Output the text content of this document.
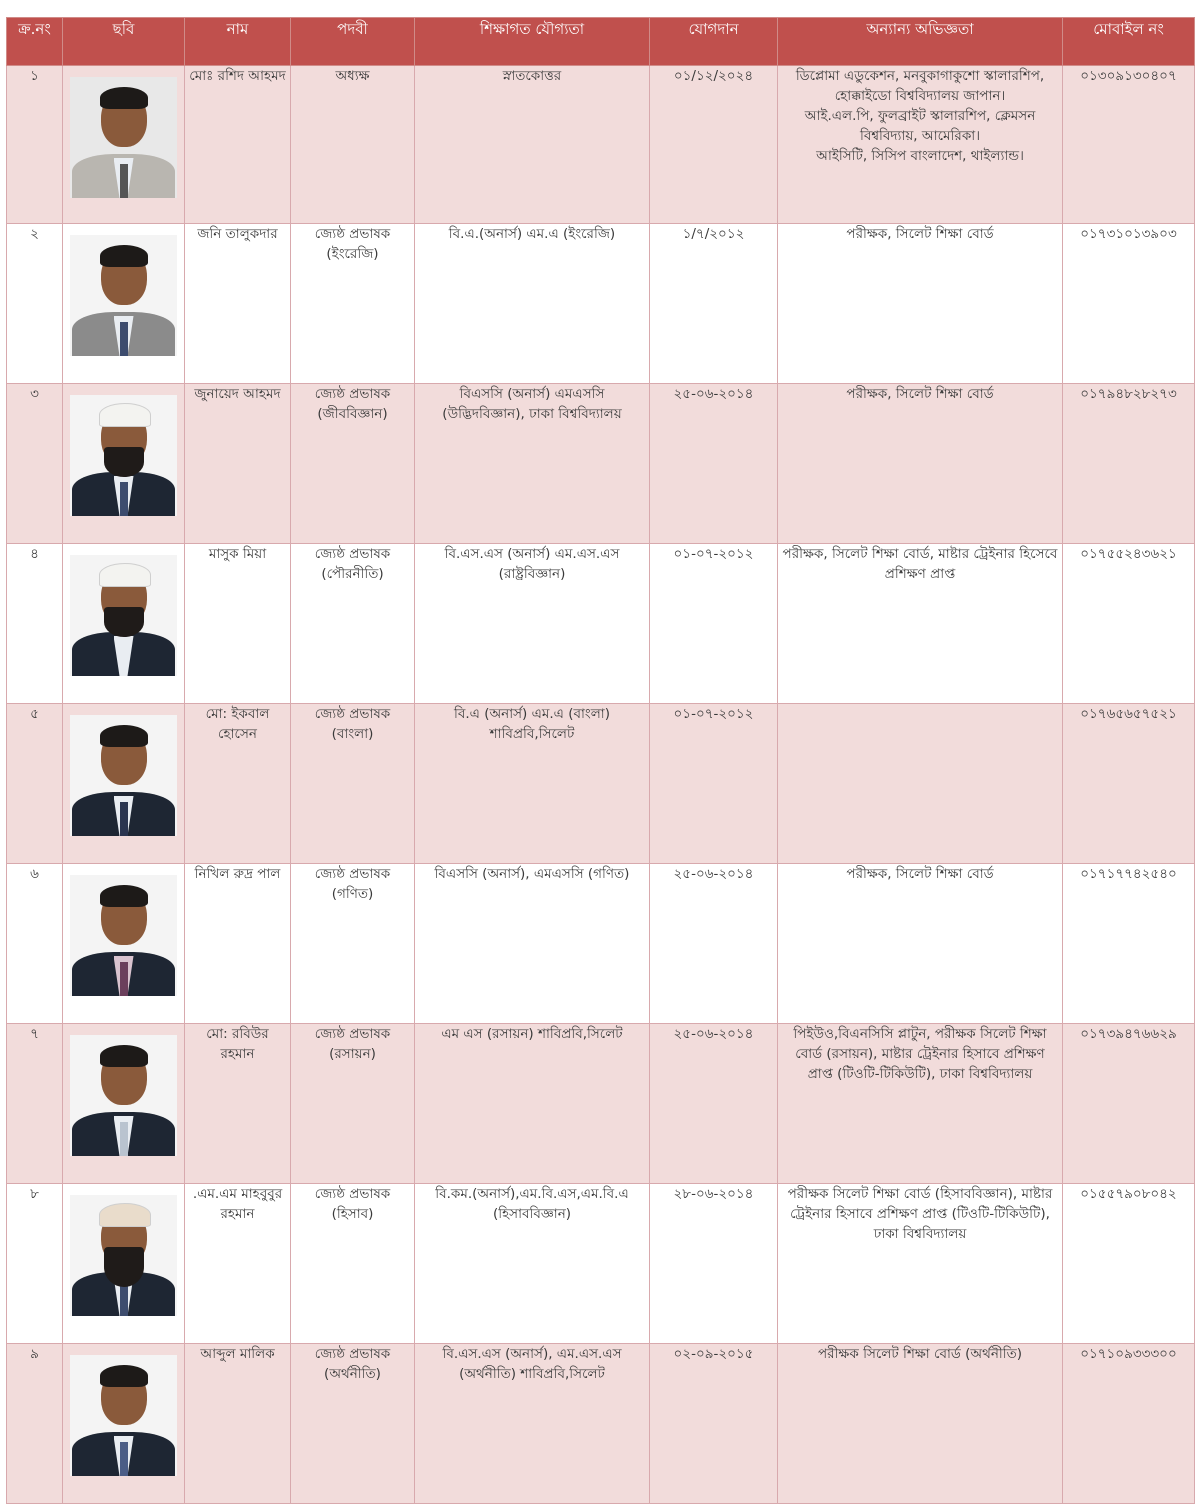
ক্র.নং	ছবি	নাম	পদবী	শিক্ষাগত যৌগ্যতা	যোগদান	অন্যান্য অভিজ্ঞতা	মোবাইল নং
১		মোঃ রশিদ আহমদ	অধ্যক্ষ	স্নাতকোত্তর	০১/১২/২০২৪	ডিপ্লোমা এডুকেশন, মনবুকাগাকুশো স্কালারশিপ, হোক্কাইডো বিশ্ববিদ্যালয় জাপান।
আই.এল.পি, ফুলব্রাইট স্কালারশিপ, ক্লেমসন বিশ্ববিদ্যায়, আমেরিকা।
আইসিটি, সিসিপ বাংলাদেশ, থাইল্যান্ড।	০১৩০৯১৩০৪০৭
২		জনি তালুকদার	জ্যেষ্ঠ প্রভাষক (ইংরেজি)	বি.এ.(অনার্স) এম.এ (ইংরেজি)	১/৭/২০১২	পরীক্ষক, সিলেট শিক্ষা বোর্ড	০১৭৩১০১৩৯০৩
৩		জুনায়েদ আহমদ	জ্যেষ্ঠ প্রভাষক (জীববিজ্ঞান)	বিএসসি (অনার্স) এমএসসি (উদ্ভিদবিজ্ঞান), ঢাকা বিশ্ববিদ্যালয়	২৫-০৬-২০১৪	পরীক্ষক, সিলেট শিক্ষা বোর্ড	০১৭৯৪৮২৮২৭৩
৪		মাসুক মিয়া	জ্যেষ্ঠ প্রভাষক (পৌরনীতি)	বি.এস.এস (অনার্স) এম.এস.এস (রাষ্ট্রবিজ্ঞান)	০১-০৭-২০১২	পরীক্ষক, সিলেট শিক্ষা বোর্ড, মাষ্টার ট্রেইনার হিসেবে প্রশিক্ষণ প্রাপ্ত	০১৭৫৫২৪৩৬২১
৫		মো: ইকবাল হোসেন	জ্যেষ্ঠ প্রভাষক (বাংলা)	বি.এ (অনার্স) এম.এ (বাংলা) শাবিপ্রবি,সিলেট	০১-০৭-২০১২		০১৭৬৫৬৫৭৫২১
৬		নিখিল রুদ্র পাল	জ্যেষ্ঠ প্রভাষক (গণিত)	বিএসসি (অনার্স), এমএসসি (গণিত)	২৫-০৬-২০১৪	পরীক্ষক, সিলেট শিক্ষা বোর্ড	০১৭১৭৭৪২৫৪০
৭		মো: রবিউর রহমান	জ্যেষ্ঠ প্রভাষক (রসায়ন)	এম এস (রসায়ন) শাবিপ্রবি,সিলেট	২৫-০৬-২০১৪	পিইউও,বিএনসিসি প্লাটুন, পরীক্ষক সিলেট শিক্ষা বোর্ড (রসায়ন), মাষ্টার ট্রেইনার হিসাবে প্রশিক্ষণ প্রাপ্ত (টিওটি-টিকিউটি), ঢাকা বিশ্ববিদ্যালয়	০১৭৩৯৪৭৬৬২৯
৮		.এম.এম মাহবুবুর রহমান	জ্যেষ্ঠ প্রভাষক (হিসাব)	বি.কম.(অনার্স),এম.বি.এস,এম.বি.এ (হিসাববিজ্ঞান)	২৮-০৬-২০১৪	পরীক্ষক সিলেট শিক্ষা বোর্ড (হিসাববিজ্ঞান), মাষ্টার ট্রেইনার হিসাবে প্রশিক্ষণ প্রাপ্ত (টিওটি-টিকিউটি), ঢাকা বিশ্ববিদ্যালয়	০১৫৫৭৯০৮০৪২
৯		আব্দুল মালিক	জ্যেষ্ঠ প্রভাষক (অর্থনীতি)	বি.এস.এস (অনার্স), এম.এস.এস (অর্থনীতি) শাবিপ্রবি,সিলেট	০২-০৯-২০১৫	পরীক্ষক সিলেট শিক্ষা বোর্ড (অর্থনীতি)	০১৭১০৯৩৩৩০০
